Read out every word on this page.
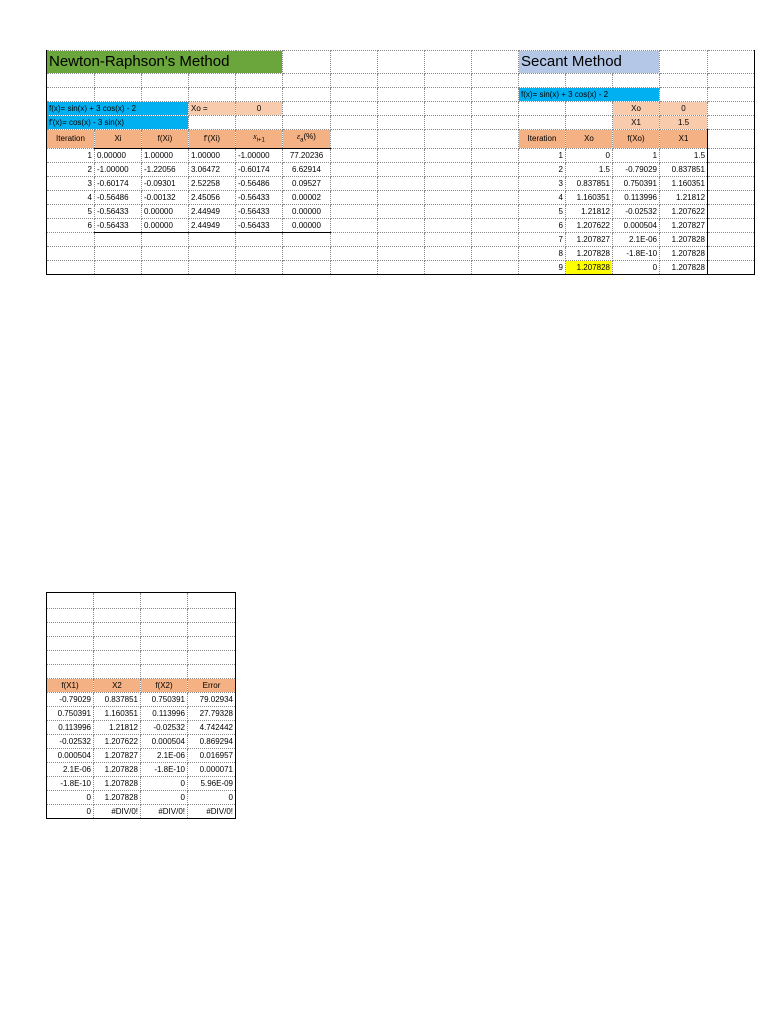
Newton-Raphson's Method										Secant Method				

										f(x)= sin(x) + 3 cos(x) - 2				
f(x)= sin(x) + 3 cos(x) - 2			Xo =	0								Xo	0	
f'(x)= cos(x) - 3 sin(x)												X1	1.5	
Iteration	Xi	f(Xi)	f'(Xi)	$x_{i+1}$	$\varepsilon_a(\%)$					Iteration	Xo	f(Xo)	X1	
1	0.00000	1.00000	1.00000	-1.00000	77.20236					1	0	1	1.5	
2	-1.00000	-1.22056	3.06472	-0.60174	6.62914					2	1.5	-0.79029	0.837851	
3	-0.60174	-0.09301	2.52258	-0.56486	0.09527					3	0.837851	0.750391	1.160351	
4	-0.56486	-0.00132	2.45056	-0.56433	0.00002					4	1.160351	0.113996	1.21812	
5	-0.56433	0.00000	2.44949	-0.56433	0.00000					5	1.21812	-0.02532	1.207622	
6	-0.56433	0.00000	2.44949	-0.56433	0.00000					6	1.207622	0.000504	1.207827	
										7	1.207827	2.1E-06	1.207828	
										8	1.207828	-1.8E-10	1.207828	
										9	1.207828	0	1.207828	

f(X1)	X2	f(X2)	Error
-0.79029	0.837851	0.750391	79.02934
0.750391	1.160351	0.113996	27.79328
0.113996	1.21812	-0.02532	4.742442
-0.02532	1.207622	0.000504	0.869294
0.000504	1.207827	2.1E-06	0.016957
2.1E-06	1.207828	-1.8E-10	0.000071
-1.8E-10	1.207828	0	5.96E-09
0	1.207828	0	0
0	#DIV/0!	#DIV/0!	#DIV/0!
